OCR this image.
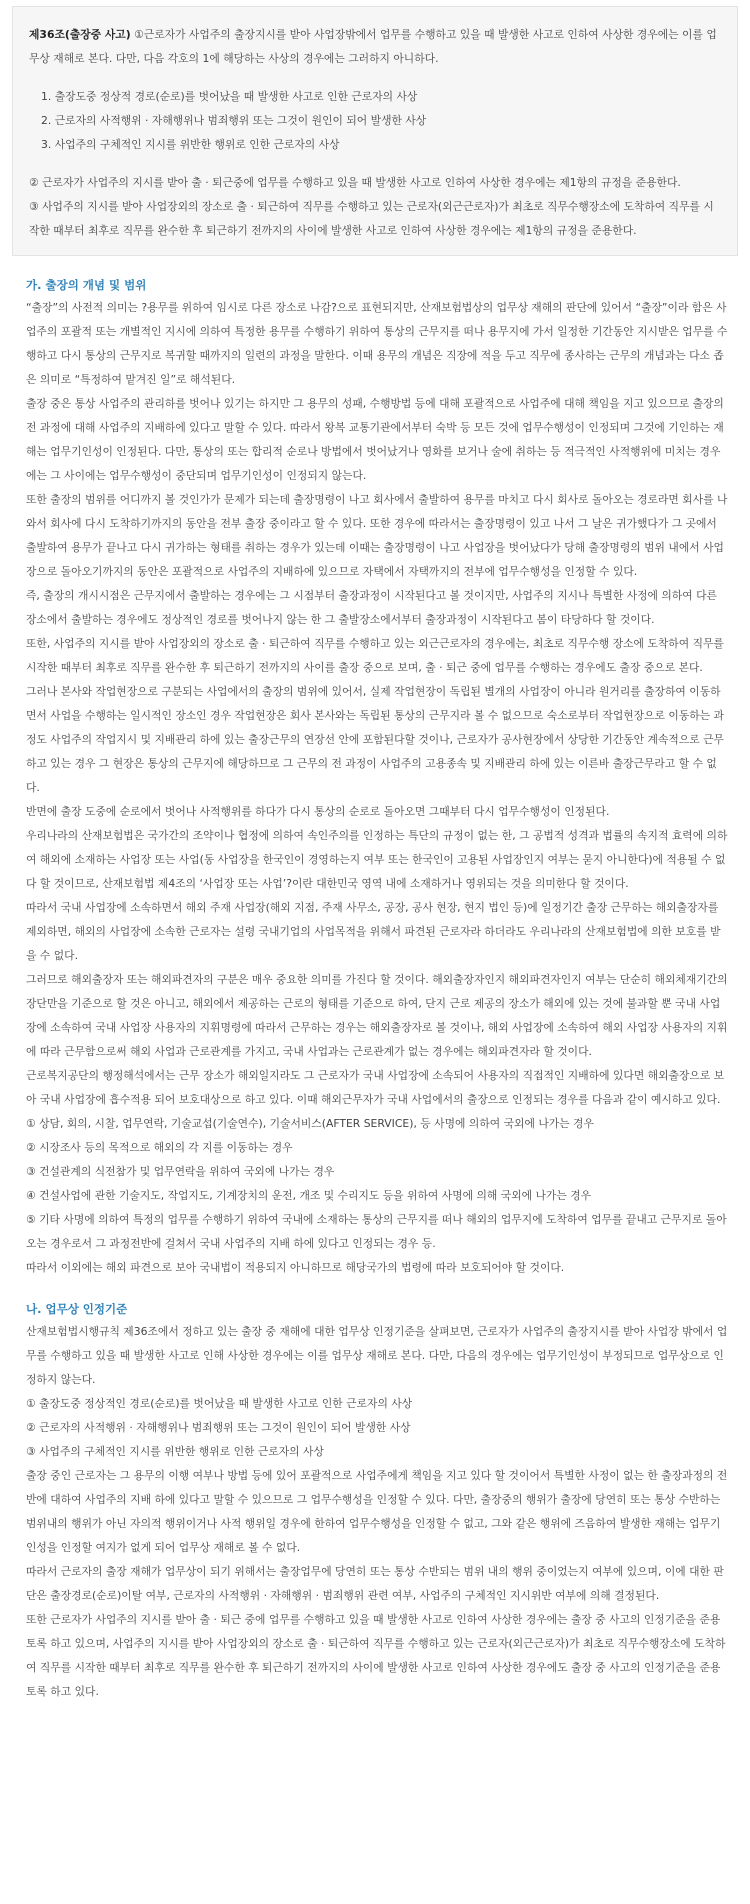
제36조(출장중 사고) ①근로자가 사업주의 출장지시를 받아 사업장밖에서 업무를 수행하고 있을 때 발생한 사고로 인하여 사상한 경우에는 이를 업무상 재해로 본다. 다만, 다음 각호의 1에 해당하는 사상의 경우에는 그러하지 아니하다.

1. 출장도중 정상적 경로(순로)를 벗어났을 때 발생한 사고로 인한 근로자의 사상
2. 근로자의 사적행위 · 자해행위나 범죄행위 또는 그것이 원인이 되어 발생한 사상
3. 사업주의 구체적인 지시를 위반한 행위로 인한 근로자의 사상

② 근로자가 사업주의 지시를 받아 출 · 퇴근중에 업무를 수행하고 있을 때 발생한 사고로 인하여 사상한 경우에는 제1항의 규정을 준용한다.

③ 사업주의 지시를 받아 사업장외의 장소로 출 · 퇴근하여 직무를 수행하고 있는 근로자(외근근로자)가 최초로 직무수행장소에 도착하여 직무를 시작한 때부터 최후로 직무를 완수한 후 퇴근하기 전까지의 사이에 발생한 사고로 인하여 사상한 경우에는 제1항의 규정을 준용한다.

가. 출장의 개념 및 범위

“출장”의 사전적 의미는 ?용무를 위하여 임시로 다른 장소로 나감?으로 표현되지만, 산재보험법상의 업무상 재해의 판단에 있어서 “출장”이라 함은 사업주의 포괄적 또는 개별적인 지시에 의하여 특정한 용무를 수행하기 위하여 통상의 근무지를 떠나 용무지에 가서 일정한 기간동안 지시받은 업무를 수행하고 다시 통상의 근무지로 복귀할 때까지의 일련의 과정을 말한다. 이때 용무의 개념은 직장에 적을 두고 직무에 종사하는 근무의 개념과는 다소 좁은 의미로 “특정하여 맡겨진 일”로 해석된다.

출장 중은 통상 사업주의 관리하를 벗어나 있기는 하지만 그 용무의 성패, 수행방법 등에 대해 포괄적으로 사업주에 대해 책임을 지고 있으므로 출장의 전 과정에 대해 사업주의 지배하에 있다고 말할 수 있다. 따라서 왕복 교통기관에서부터 숙박 등 모든 것에 업무수행성이 인정되며 그것에 기인하는 재해는 업무기인성이 인정된다. 다만, 통상의 또는 합리적 순로나 방법에서 벗어났거나 영화를 보거나 술에 취하는 등 적극적인 사적행위에 미치는 경우에는 그 사이에는 업무수행성이 중단되며 업무기인성이 인정되지 않는다.

또한 출장의 범위를 어디까지 볼 것인가가 문제가 되는데 출장명령이 나고 회사에서 출발하여 용무를 마치고 다시 회사로 돌아오는 경로라면 회사를 나와서 회사에 다시 도착하기까지의 동안을 전부 출장 중이라고 할 수 있다. 또한 경우에 따라서는 출장명령이 있고 나서 그 날은 귀가했다가 그 곳에서 출발하여 용무가 끝나고 다시 귀가하는 형태를 취하는 경우가 있는데 이때는 출장명령이 나고 사업장을 벗어났다가 당해 출장명령의 범위 내에서 사업장으로 돌아오기까지의 동안은 포괄적으로 사업주의 지배하에 있으므로 자택에서 자택까지의 전부에 업무수행성을 인정할 수 있다.

즉, 출장의 개시시점은 근무지에서 출발하는 경우에는 그 시점부터 출장과정이 시작된다고 볼 것이지만, 사업주의 지시나 특별한 사정에 의하여 다른 장소에서 출발하는 경우에도 정상적인 경로를 벗어나지 않는 한 그 출발장소에서부터 출장과정이 시작된다고 봄이 타당하다 할 것이다.

또한, 사업주의 지시를 받아 사업장외의 장소로 출 · 퇴근하여 직무를 수행하고 있는 외근근로자의 경우에는, 최초로 직무수행 장소에 도착하여 직무를 시작한 때부터 최후로 직무를 완수한 후 퇴근하기 전까지의 사이를 출장 중으로 보며, 출 · 퇴근 중에 업무를 수행하는 경우에도 출장 중으로 본다.

그러나 본사와 작업현장으로 구분되는 사업에서의 출장의 범위에 있어서, 실제 작업현장이 독립된 별개의 사업장이 아니라 원거리를 출장하여 이동하면서 사업을 수행하는 일시적인 장소인 경우 작업현장은 회사 본사와는 독립된 통상의 근무지라 볼 수 없으므로 숙소로부터 작업현장으로 이동하는 과정도 사업주의 작업지시 및 지배관리 하에 있는 출장근무의 연장선 안에 포함된다할 것이나, 근로자가 공사현장에서 상당한 기간동안 계속적으로 근무하고 있는 경우 그 현장은 통상의 근무지에 해당하므로 그 근무의 전 과정이 사업주의 고용종속 및 지배관리 하에 있는 이른바 출장근무라고 할 수 없다.

반면에 출장 도중에 순로에서 벗어나 사적행위를 하다가 다시 통상의 순로로 돌아오면 그때부터 다시 업무수행성이 인정된다.

우리나라의 산재보험법은 국가간의 조약이나 협정에 의하여 속인주의를 인정하는 특단의 규정이 없는 한, 그 공법적 성격과 법률의 속지적 효력에 의하여 해외에 소재하는 사업장 또는 사업(동 사업장을 한국인이 경영하는지 여부 또는 한국인이 고용된 사업장인지 여부는 묻지 아니한다)에 적용될 수 없다 할 것이므로, 산재보험법 제4조의 ‘사업장 또는 사업’?이란 대한민국 영역 내에 소재하거나 영위되는 것을 의미한다 할 것이다.

따라서 국내 사업장에 소속하면서 해외 주재 사업장(해외 지점, 주재 사무소, 공장, 공사 현장, 현지 법인 등)에 일정기간 출장 근무하는 해외출장자를 제외하면, 해외의 사업장에 소속한 근로자는 설령 국내기업의 사업목적을 위해서 파견된 근로자라 하더라도 우리나라의 산재보험법에 의한 보호를 받을 수 없다.

그러므로 해외출장자 또는 해외파견자의 구분은 매우 중요한 의미를 가진다 할 것이다. 해외출장자인지 해외파견자인지 여부는 단순히 해외체재기간의 장단만을 기준으로 할 것은 아니고, 해외에서 제공하는 근로의 형태를 기준으로 하여, 단지 근로 제공의 장소가 해외에 있는 것에 불과할 뿐 국내 사업장에 소속하여 국내 사업장 사용자의 지휘명령에 따라서 근무하는 경우는 해외출장자로 볼 것이나, 해외 사업장에 소속하여 해외 사업장 사용자의 지휘에 따라 근무함으로써 해외 사업과 근로관계를 가지고, 국내 사업과는 근로관계가 없는 경우에는 해외파견자라 할 것이다.

근로복지공단의 행정해석에서는 근무 장소가 해외일지라도 그 근로자가 국내 사업장에 소속되어 사용자의 직접적인 지배하에 있다면 해외출장으로 보아 국내 사업장에 흡수적용 되어 보호대상으로 하고 있다. 이때 해외근무자가 국내 사업에서의 출장으로 인정되는 경우를 다음과 같이 예시하고 있다.

① 상담, 회의, 시찰, 업무연락, 기술교섭(기술연수), 기술서비스(AFTER SERVICE), 등 사명에 의하여 국외에 나가는 경우

② 시장조사 등의 목적으로 해외의 각 지를 이동하는 경우

③ 건설관계의 식전참가 및 업무연락을 위하여 국외에 나가는 경우

④ 건설사업에 관한 기술지도, 작업지도, 기계장치의 운전, 개조 및 수리지도 등을 위하여 사명에 의해 국외에 나가는 경우

⑤ 기타 사명에 의하여 특정의 업무를 수행하기 위하여 국내에 소재하는 통상의 근무지를 떠나 해외의 업무지에 도착하여 업무를 끝내고 근무지로 돌아오는 경우로서 그 과정전반에 걸쳐서 국내 사업주의 지배 하에 있다고 인정되는 경우 등.

따라서 이외에는 해외 파견으로 보아 국내법이 적용되지 아니하므로 해당국가의 법령에 따라 보호되어야 할 것이다.

나. 업무상 인정기준

산재보험법시행규칙 제36조에서 정하고 있는 출장 중 재해에 대한 업무상 인정기준을 살펴보면, 근로자가 사업주의 출장지시를 받아 사업장 밖에서 업무를 수행하고 있을 때 발생한 사고로 인해 사상한 경우에는 이를 업무상 재해로 본다. 다만, 다음의 경우에는 업무기인성이 부정되므로 업무상으로 인정하지 않는다.

① 출장도중 정상적인 경로(순로)를 벗어났을 때 발생한 사고로 인한 근로자의 사상

② 근로자의 사적행위 · 자해행위나 범죄행위 또는 그것이 원인이 되어 발생한 사상

③ 사업주의 구체적인 지시를 위반한 행위로 인한 근로자의 사상

출장 중인 근로자는 그 용무의 이행 여부나 방법 등에 있어 포괄적으로 사업주에게 책임을 지고 있다 할 것이어서 특별한 사정이 없는 한 출장과정의 전반에 대하여 사업주의 지배 하에 있다고 말할 수 있으므로 그 업무수행성을 인정할 수 있다. 다만, 출장중의 행위가 출장에 당연히 또는 통상 수반하는 범위내의 행위가 아닌 자의적 행위이거나 사적 행위일 경우에 한하여 업무수행성을 인정할 수 없고, 그와 같은 행위에 즈음하여 발생한 재해는 업무기인성을 인정할 여지가 없게 되어 업무상 재해로 볼 수 없다.

따라서 근로자의 출장 재해가 업무상이 되기 위해서는 출장업무에 당연히 또는 통상 수반되는 범위 내의 행위 중이었는지 여부에 있으며, 이에 대한 판단은 출장경로(순로)이탈 여부, 근로자의 사적행위 · 자해행위 · 범죄행위 관련 여부, 사업주의 구체적인 지시위반 여부에 의해 결정된다.

또한 근로자가 사업주의 지시를 받아 출 · 퇴근 중에 업무를 수행하고 있을 때 발생한 사고로 인하여 사상한 경우에는 출장 중 사고의 인정기준을 준용토록 하고 있으며, 사업주의 지시를 받아 사업장외의 장소로 출 · 퇴근하여 직무를 수행하고 있는 근로자(외근근로자)가 최초로 직무수행장소에 도착하여 직무를 시작한 때부터 최후로 직무를 완수한 후 퇴근하기 전까지의 사이에 발생한 사고로 인하여 사상한 경우에도 출장 중 사고의 인정기준을 준용토록 하고 있다.
